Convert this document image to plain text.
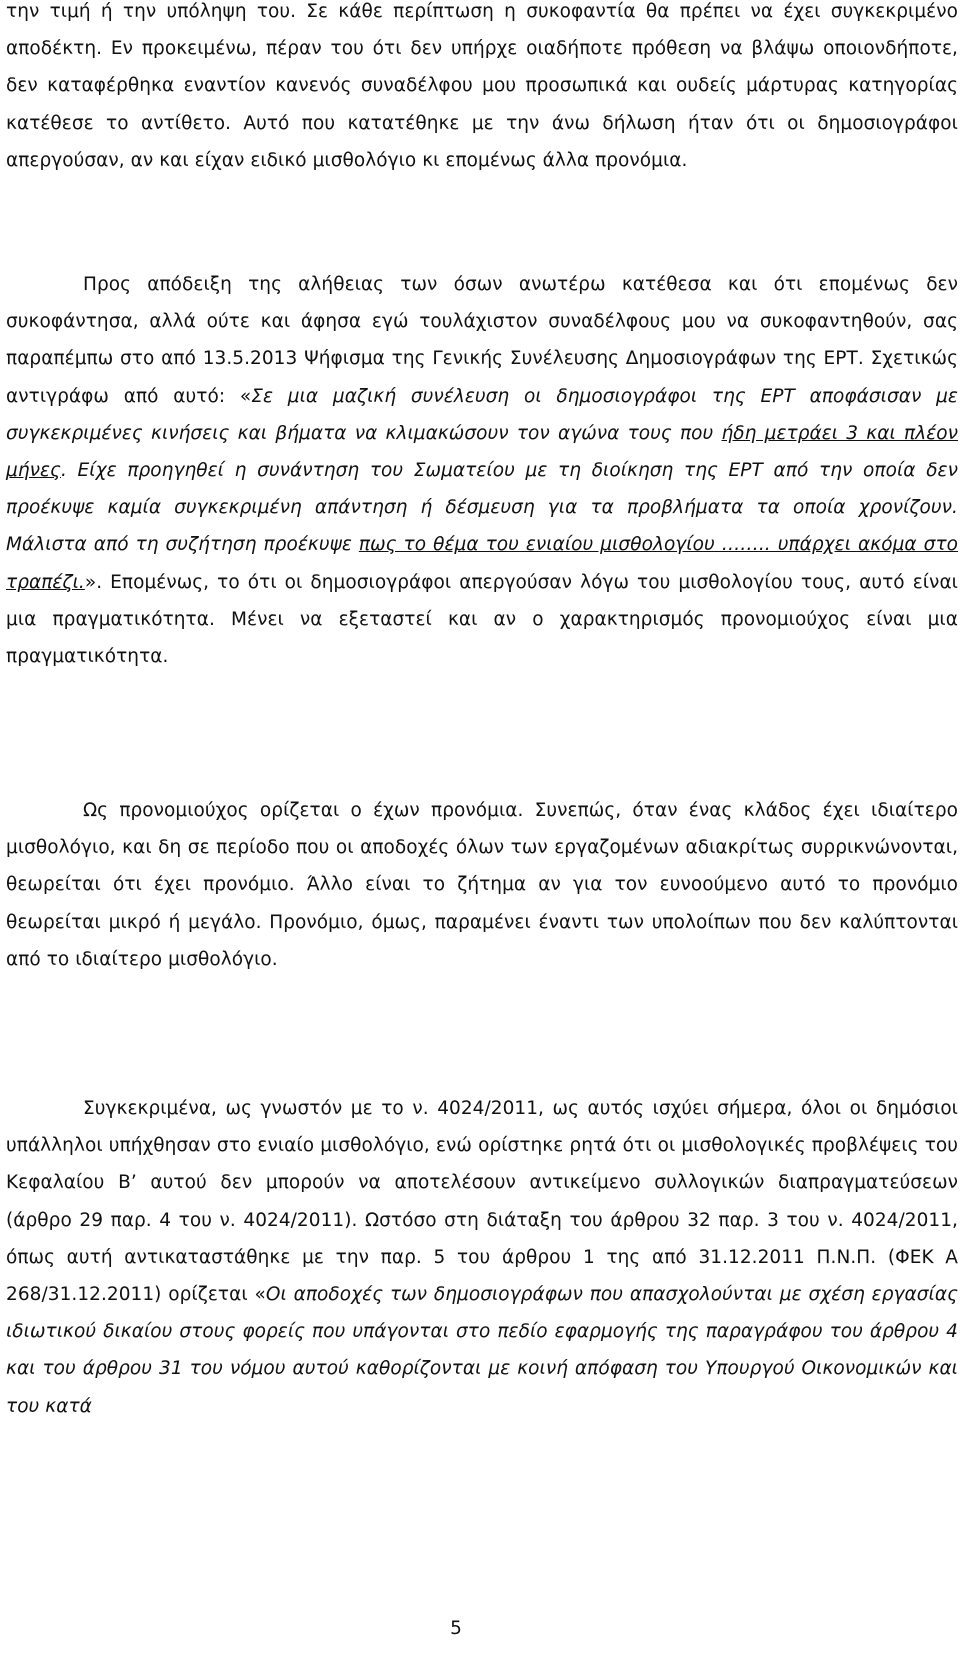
την τιμή ή την υπόληψη του. Σε κάθε περίπτωση η συκοφαντία θα πρέπει να έχει συγκεκριμένο αποδέκτη. Εν προκειμένω, πέραν του ότι δεν υπήρχε οιαδήποτε πρόθεση να βλάψω οποιονδήποτε, δεν καταφέρθηκα εναντίον κανενός συναδέλφου μου προσωπικά και ουδείς μάρτυρας κατηγορίας κατέθεσε το αντίθετο. Αυτό που κατατέθηκε με την άνω δήλωση ήταν ότι οι δημοσιογράφοι απεργούσαν, αν και είχαν ειδικό μισθολόγιο κι επομένως άλλα προνόμια.

Προς απόδειξη της αλήθειας των όσων ανωτέρω κατέθεσα και ότι επομένως δεν συκοφάντησα, αλλά ούτε και άφησα εγώ τουλάχιστον συναδέλφους μου να συκοφαντηθούν, σας παραπέμπω στο από 13.5.2013 Ψήφισμα της Γενικής Συνέλευσης Δημοσιογράφων της ΕΡΤ. Σχετικώς αντιγράφω από αυτό: «Σε μια μαζική συνέλευση οι δημοσιογράφοι της ΕΡΤ αποφάσισαν με συγκεκριμένες κινήσεις και βήματα να κλιμακώσουν τον αγώνα τους που ήδη μετράει 3 και πλέον μήνες. Είχε προηγηθεί η συνάντηση του Σωματείου με τη διοίκηση της ΕΡΤ από την οποία δεν προέκυψε καμία συγκεκριμένη απάντηση ή δέσμευση για τα προβλήματα τα οποία χρονίζουν. Μάλιστα από τη συζήτηση προέκυψε πως το θέμα του ενιαίου μισθολογίου …….. υπάρχει ακόμα στο τραπέζι.». Επομένως, το ότι οι δημοσιογράφοι απεργούσαν λόγω του μισθολογίου τους, αυτό είναι μια πραγματικότητα. Μένει να εξεταστεί και αν ο χαρακτηρισμός προνομιούχος είναι μια πραγματικότητα.

Ως προνομιούχος ορίζεται ο έχων προνόμια. Συνεπώς, όταν ένας κλάδος έχει ιδιαίτερο μισθολόγιο, και δη σε περίοδο που οι αποδοχές όλων των εργαζομένων αδιακρίτως συρρικνώνονται, θεωρείται ότι έχει προνόμιο. Άλλο είναι το ζήτημα αν για τον ευνοούμενο αυτό το προνόμιο θεωρείται μικρό ή μεγάλο. Προνόμιο, όμως, παραμένει έναντι των υπολοίπων που δεν καλύπτονται από το ιδιαίτερο μισθολόγιο.

Συγκεκριμένα, ως γνωστόν με το ν. 4024/2011, ως αυτός ισχύει σήμερα, όλοι οι δημόσιοι υπάλληλοι υπήχθησαν στο ενιαίο μισθολόγιο, ενώ ορίστηκε ρητά ότι οι μισθολογικές προβλέψεις του Κεφαλαίου Β’ αυτού δεν μπορούν να αποτελέσουν αντικείμενο συλλογικών διαπραγματεύσεων (άρθρο 29 παρ. 4 του ν. 4024/2011). Ωστόσο στη διάταξη του άρθρου 32 παρ. 3 του ν. 4024/2011, όπως αυτή αντικαταστάθηκε με την παρ. 5 του άρθρου 1 της από 31.12.2011 Π.Ν.Π. (ΦΕΚ Α 268/31.12.2011) ορίζεται «Οι αποδοχές των δημοσιογράφων που απασχολούνται με σχέση εργασίας ιδιωτικού δικαίου στους φορείς που υπάγονται στο πεδίο εφαρμογής της παραγράφου του άρθρου 4 και του άρθρου 31 του νόμου αυτού καθορίζονται με κοινή απόφαση του Υπουργού Οικονομικών και του κατά

5
